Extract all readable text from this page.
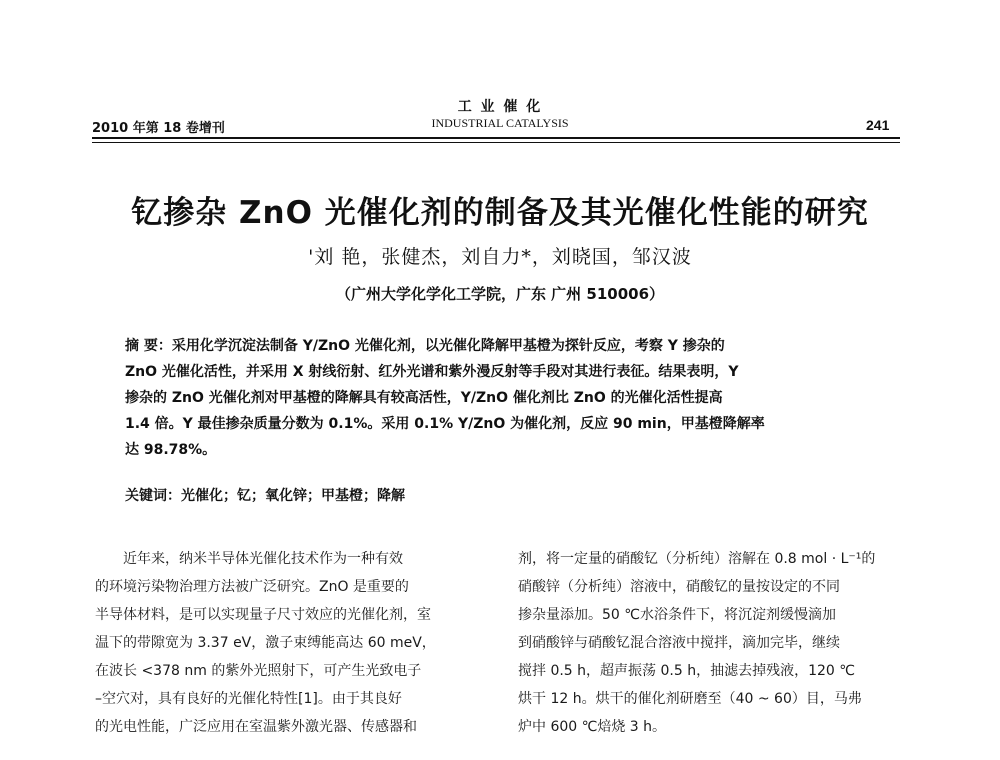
2010 年第 18 卷增刊
工 业 催 化
INDUSTRIAL CATALYSIS	241
钇掺杂 ZnO 光催化剂的制备及其光催化性能的研究
'刘 艳，张健杰，刘自力*，刘晓国，邹汉波
（广州大学化学化工学院，广东 广州 510006）
摘 要：采用化学沉淀法制备 Y/ZnO 光催化剂，以光催化降解甲基橙为探针反应，考察 Y 掺杂的
ZnO 光催化活性，并采用 X 射线衍射、红外光谱和紫外漫反射等手段对其进行表征。结果表明，Y
掺杂的 ZnO 光催化剂对甲基橙的降解具有较高活性，Y/ZnO 催化剂比 ZnO 的光催化活性提高
1.4 倍。Y 最佳掺杂质量分数为 0.1%。采用 0.1% Y/ZnO 为催化剂，反应 90 min，甲基橙降解率
达 98.78%。
关键词：光催化；钇；氧化锌；甲基橙；降解
近年来，纳米半导体光催化技术作为一种有效
的环境污染物治理方法被广泛研究。ZnO 是重要的
半导体材料，是可以实现量子尺寸效应的光催化剂，室
温下的带隙宽为 3.37 eV，激子束缚能高达 60 meV，
在波长 <378 nm 的紫外光照射下，可产生光致电子
–空穴对，具有良好的光催化特性[1]。由于其良好
的光电性能，广泛应用在室温紫外激光器、传感器和
剂，将一定量的硝酸钇（分析纯）溶解在 0.8 mol · L⁻¹的
硝酸锌（分析纯）溶液中，硝酸钇的量按设定的不同
掺杂量添加。50 ℃水浴条件下，将沉淀剂缓慢滴加
到硝酸锌与硝酸钇混合溶液中搅拌，滴加完毕，继续
搅拌 0.5 h，超声振荡 0.5 h，抽滤去掉残液，120 ℃
烘干 12 h。烘干的催化剂研磨至（40 ~ 60）目，马弗
炉中 600 ℃焙烧 3 h。
